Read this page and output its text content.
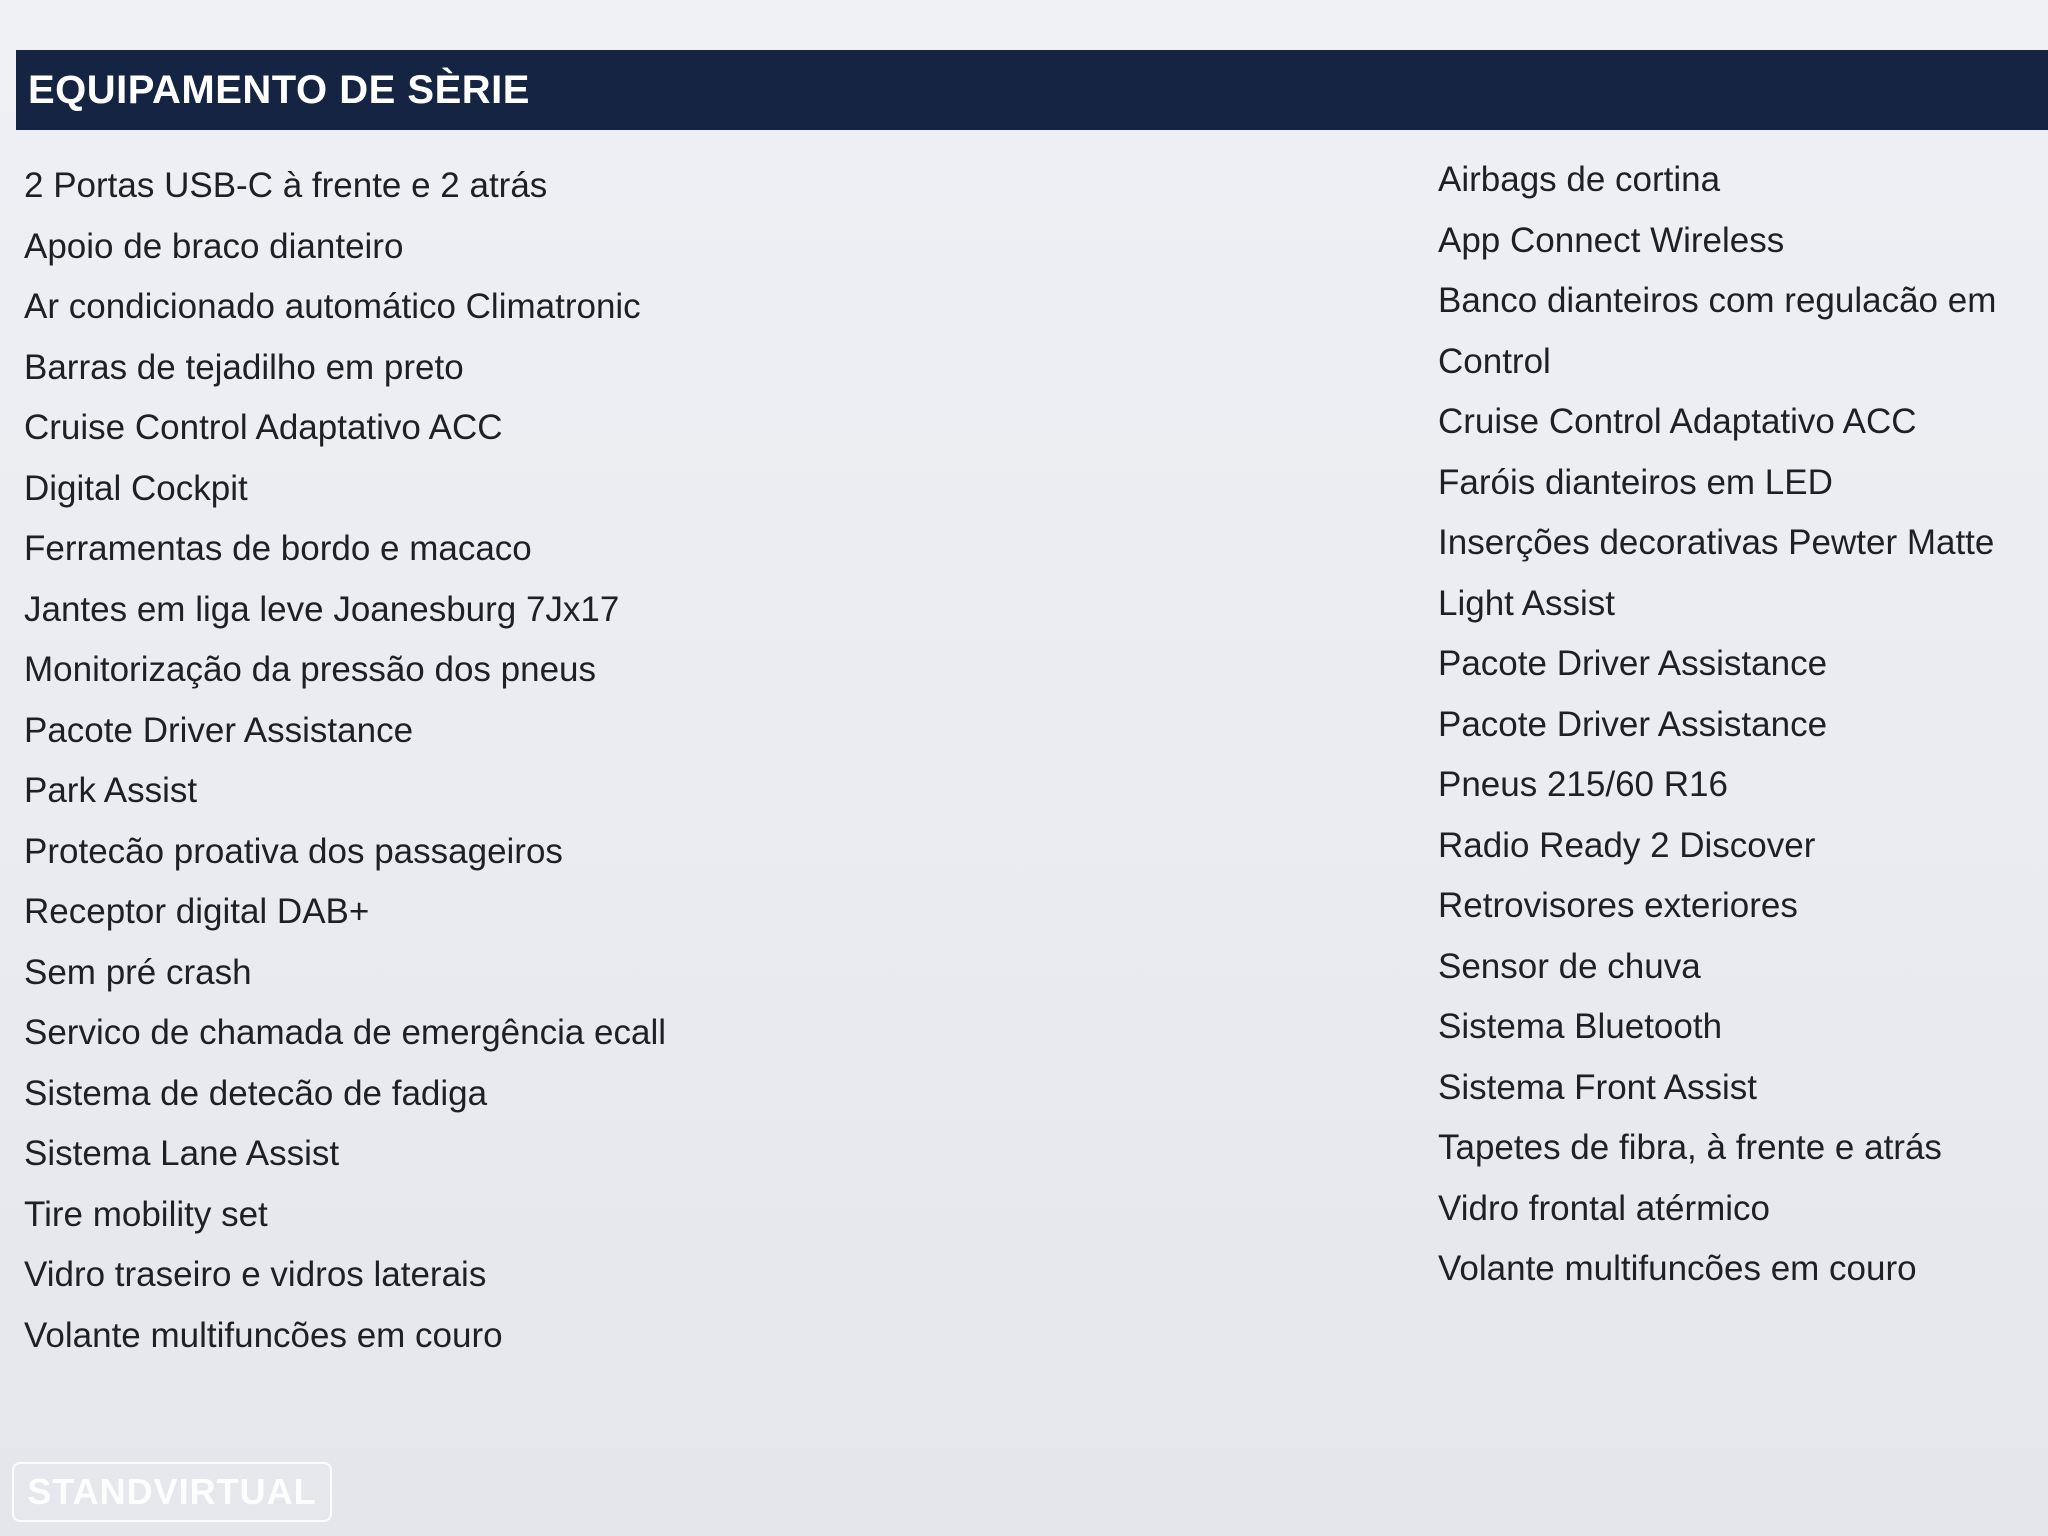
EQUIPAMENTO DE SÈRIE
2 Portas USB-C à frente e 2 atrás
Apoio de braco dianteiro
Ar condicionado automático Climatronic
Barras de tejadilho em preto
Cruise Control Adaptativo ACC
Digital Cockpit
Ferramentas de bordo e macaco
Jantes em liga leve Joanesburg 7Jx17
Monitorização da pressão dos pneus
Pacote Driver Assistance
Park Assist
Protecão proativa dos passageiros
Receptor digital DAB+
Sem pré crash
Servico de chamada de emergência ecall
Sistema de detecão de fadiga
Sistema Lane Assist
Tire mobility set
Vidro traseiro e vidros laterais
Volante multifuncões em couro
Airbags de cortina
App Connect Wireless
Banco dianteiros com regulacão em
Control
Cruise Control Adaptativo ACC
Faróis dianteiros em LED
Inserções decorativas Pewter Matte
Light Assist
Pacote Driver Assistance
Pacote Driver Assistance
Pneus 215/60 R16
Radio Ready 2 Discover
Retrovisores exteriores
Sensor de chuva
Sistema Bluetooth
Sistema Front Assist
Tapetes de fibra, à frente e atrás
Vidro frontal atérmico
Volante multifuncões em couro
STANDVIRTUAL
